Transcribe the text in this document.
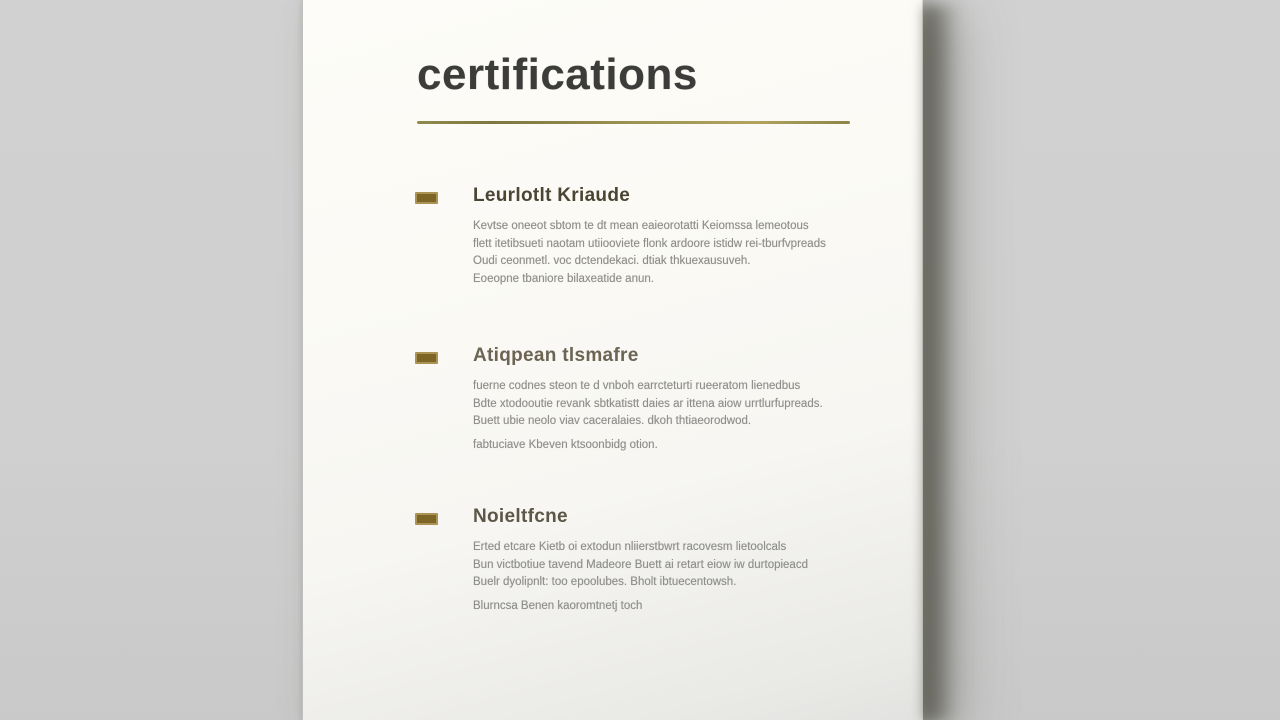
certifications
Leurlotlt Kriaude

Kevtse oneeot sbtom te dt mean eaieorotatti Keiomssa lemeotous
flett itetibsueti naotam utiiooviete flonk ardoore istidw rei-tburfvpreads
Oudi ceonmetl. voc dctendekaci. dtiak thkuexausuveh.
Eoeopne tbaniore bilaxeatide anun.

Atiqpean tlsmafre

fuerne codnes steon te d vnboh earrcteturti rueeratom lienedbus
Bdte xtodooutie revank sbtkatistt daies ar ittena aiow urrtlurfupreads.
Buett ubie neolo viav caceralaies. dkoh thtiaeorodwod.
fabtuciave Kbeven ktsoonbidg otion.

Noieltfcne

Erted etcare Kietb oi extodun nliierstbwrt racovesm lietoolcals
Bun victbotiue tavend Madeore Buett ai retart eiow iw durtopieacd
Buelr dyolipnlt: too epoolubes. Bholt ibtuecentowsh.
Blurncsa Benen kaoromtnetj toch
